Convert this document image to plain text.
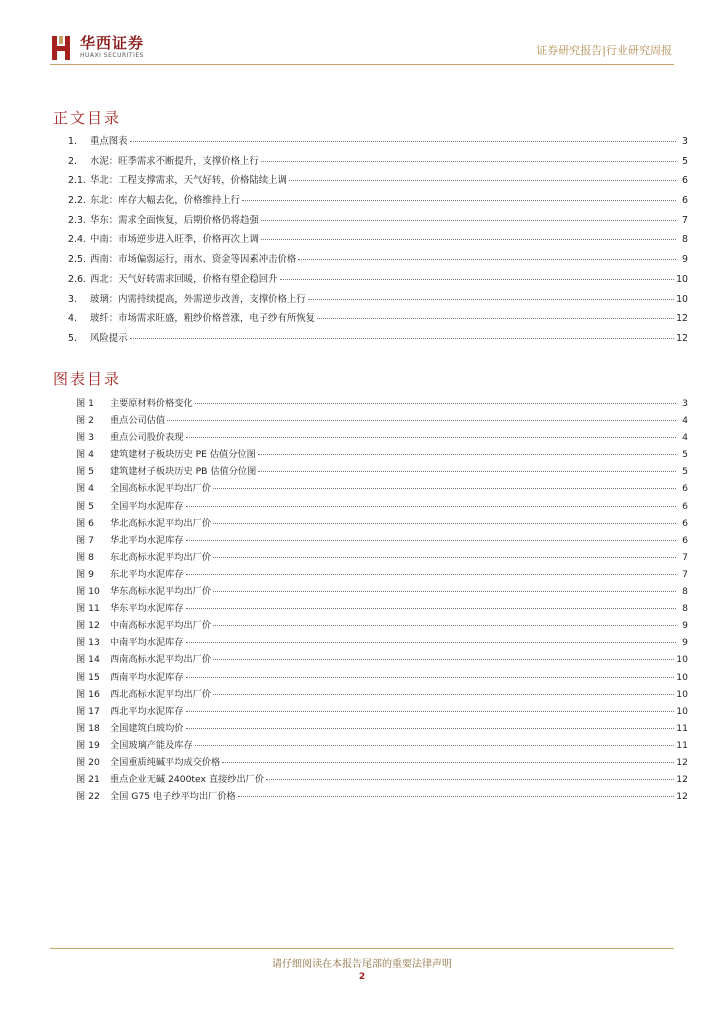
华西证券
HUAXI SECURITIES	证券研究报告|行业研究周报
正文目录
1.	重点图表	3
2.	水泥：旺季需求不断提升，支撑价格上行	5
2.1. 华北：工程支撑需求，天气好转，价格陆续上调	6
2.2. 东北：库存大幅去化，价格维持上行	6
2.3. 华东：需求全面恢复，后期价格仍将趋强	7
2.4. 中南：市场逆步进入旺季，价格再次上调	8
2.5. 西南：市场偏弱运行，雨水、资金等因素冲击价格	9
2.6. 西北：天气好转需求回暖，价格有望企稳回升	10
3.	玻璃：内需持续提高，外需逆步改善，支撑价格上行	10
4.	玻纤：市场需求旺盛，粗纱价格普涨，电子纱有所恢复	12
5.	风险提示	12
图表目录
图 1	主要原材料价格变化	3
图 2	重点公司估值	4
图 3	重点公司股价表现	4
图 4	建筑建材子板块历史 PE 估值分位图	5
图 5	建筑建材子板块历史 PB 估值分位图	5
图 4	全国高标水泥平均出厂价	6
图 5	全国平均水泥库存	6
图 6	华北高标水泥平均出厂价	6
图 7	华北平均水泥库存	6
图 8	东北高标水泥平均出厂价	7
图 9	东北平均水泥库存	7
图 10	华东高标水泥平均出厂价	8
图 11	华东平均水泥库存	8
图 12	中南高标水泥平均出厂价	9
图 13	中南平均水泥库存	9
图 14	西南高标水泥平均出厂价	10
图 15	西南平均水泥库存	10
图 16	西北高标水泥平均出厂价	10
图 17	西北平均水泥库存	10
图 18	全国建筑白玻均价	11
图 19	全国玻璃产能及库存	11
图 20	全国重质纯碱平均成交价格	12
图 21	重点企业无碱 2400tex 直接纱出厂价	12
图 22	全国 G75 电子纱平均出厂价格	12
请仔细阅读在本报告尾部的重要法律声明
2
